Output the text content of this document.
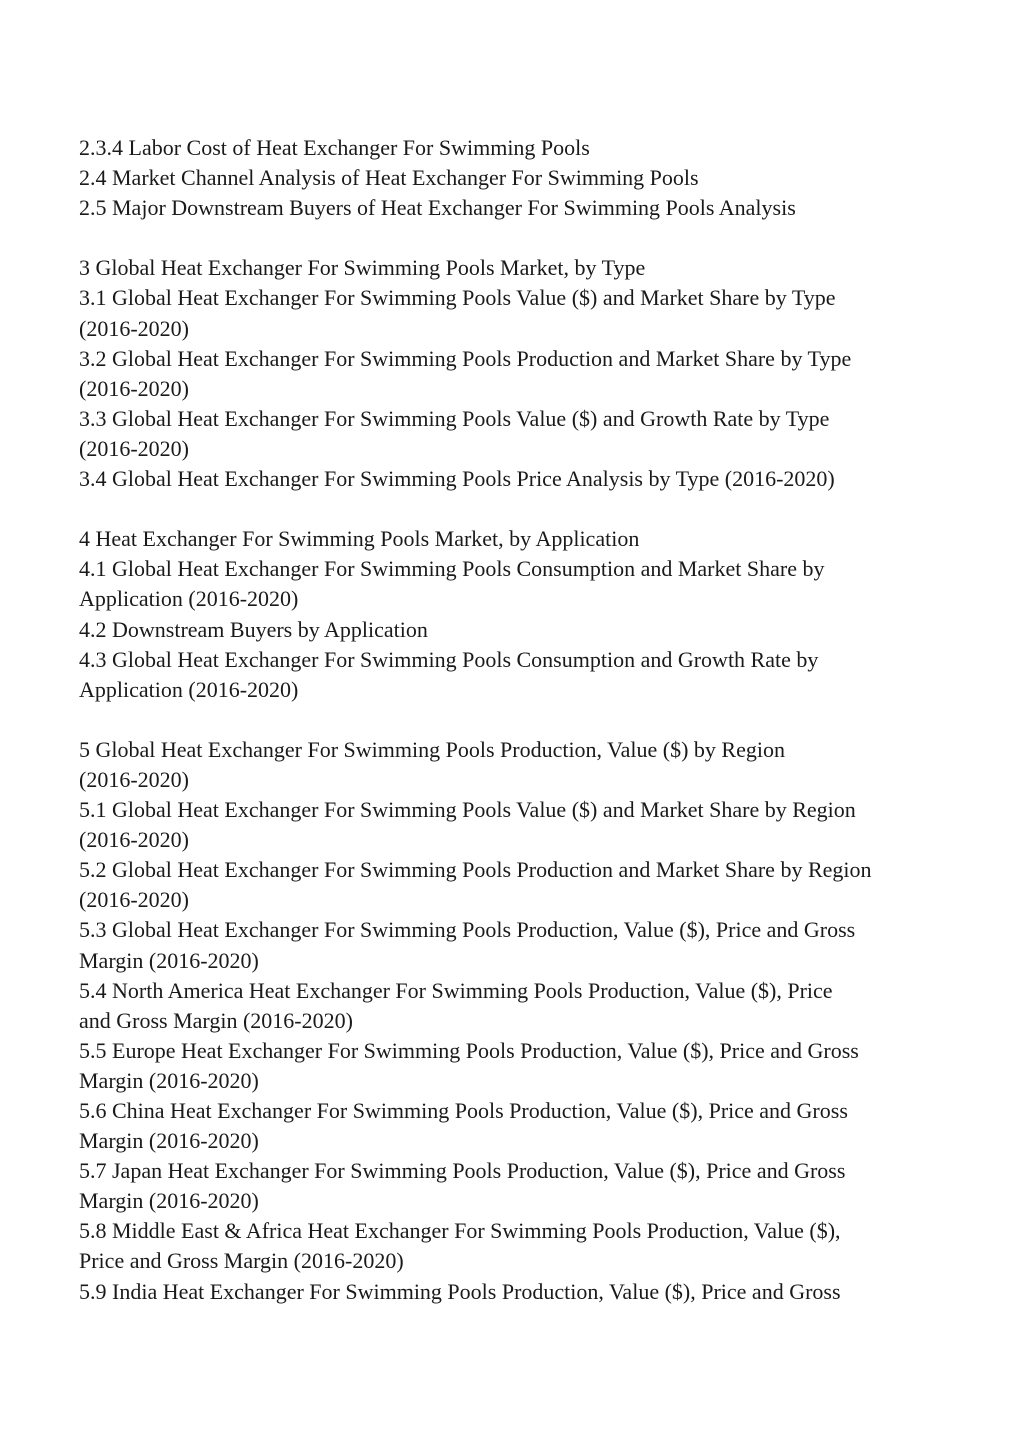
2.3.4 Labor Cost of Heat Exchanger For Swimming Pools

2.4 Market Channel Analysis of Heat Exchanger For Swimming Pools

2.5 Major Downstream Buyers of Heat Exchanger For Swimming Pools Analysis

3 Global Heat Exchanger For Swimming Pools Market, by Type

3.1 Global Heat Exchanger For Swimming Pools Value ($) and Market Share by Type

(2016-2020)

3.2 Global Heat Exchanger For Swimming Pools Production and Market Share by Type

(2016-2020)

3.3 Global Heat Exchanger For Swimming Pools Value ($) and Growth Rate by Type

(2016-2020)

3.4 Global Heat Exchanger For Swimming Pools Price Analysis by Type (2016-2020)

4 Heat Exchanger For Swimming Pools Market, by Application

4.1 Global Heat Exchanger For Swimming Pools Consumption and Market Share by

Application (2016-2020)

4.2 Downstream Buyers by Application

4.3 Global Heat Exchanger For Swimming Pools Consumption and Growth Rate by

Application (2016-2020)

5 Global Heat Exchanger For Swimming Pools Production, Value ($) by Region

(2016-2020)

5.1 Global Heat Exchanger For Swimming Pools Value ($) and Market Share by Region

(2016-2020)

5.2 Global Heat Exchanger For Swimming Pools Production and Market Share by Region

(2016-2020)

5.3 Global Heat Exchanger For Swimming Pools Production, Value ($), Price and Gross

Margin (2016-2020)

5.4 North America Heat Exchanger For Swimming Pools Production, Value ($), Price

and Gross Margin (2016-2020)

5.5 Europe Heat Exchanger For Swimming Pools Production, Value ($), Price and Gross

Margin (2016-2020)

5.6 China Heat Exchanger For Swimming Pools Production, Value ($), Price and Gross

Margin (2016-2020)

5.7 Japan Heat Exchanger For Swimming Pools Production, Value ($), Price and Gross

Margin (2016-2020)

5.8 Middle East & Africa Heat Exchanger For Swimming Pools Production, Value ($),

Price and Gross Margin (2016-2020)

5.9 India Heat Exchanger For Swimming Pools Production, Value ($), Price and Gross
